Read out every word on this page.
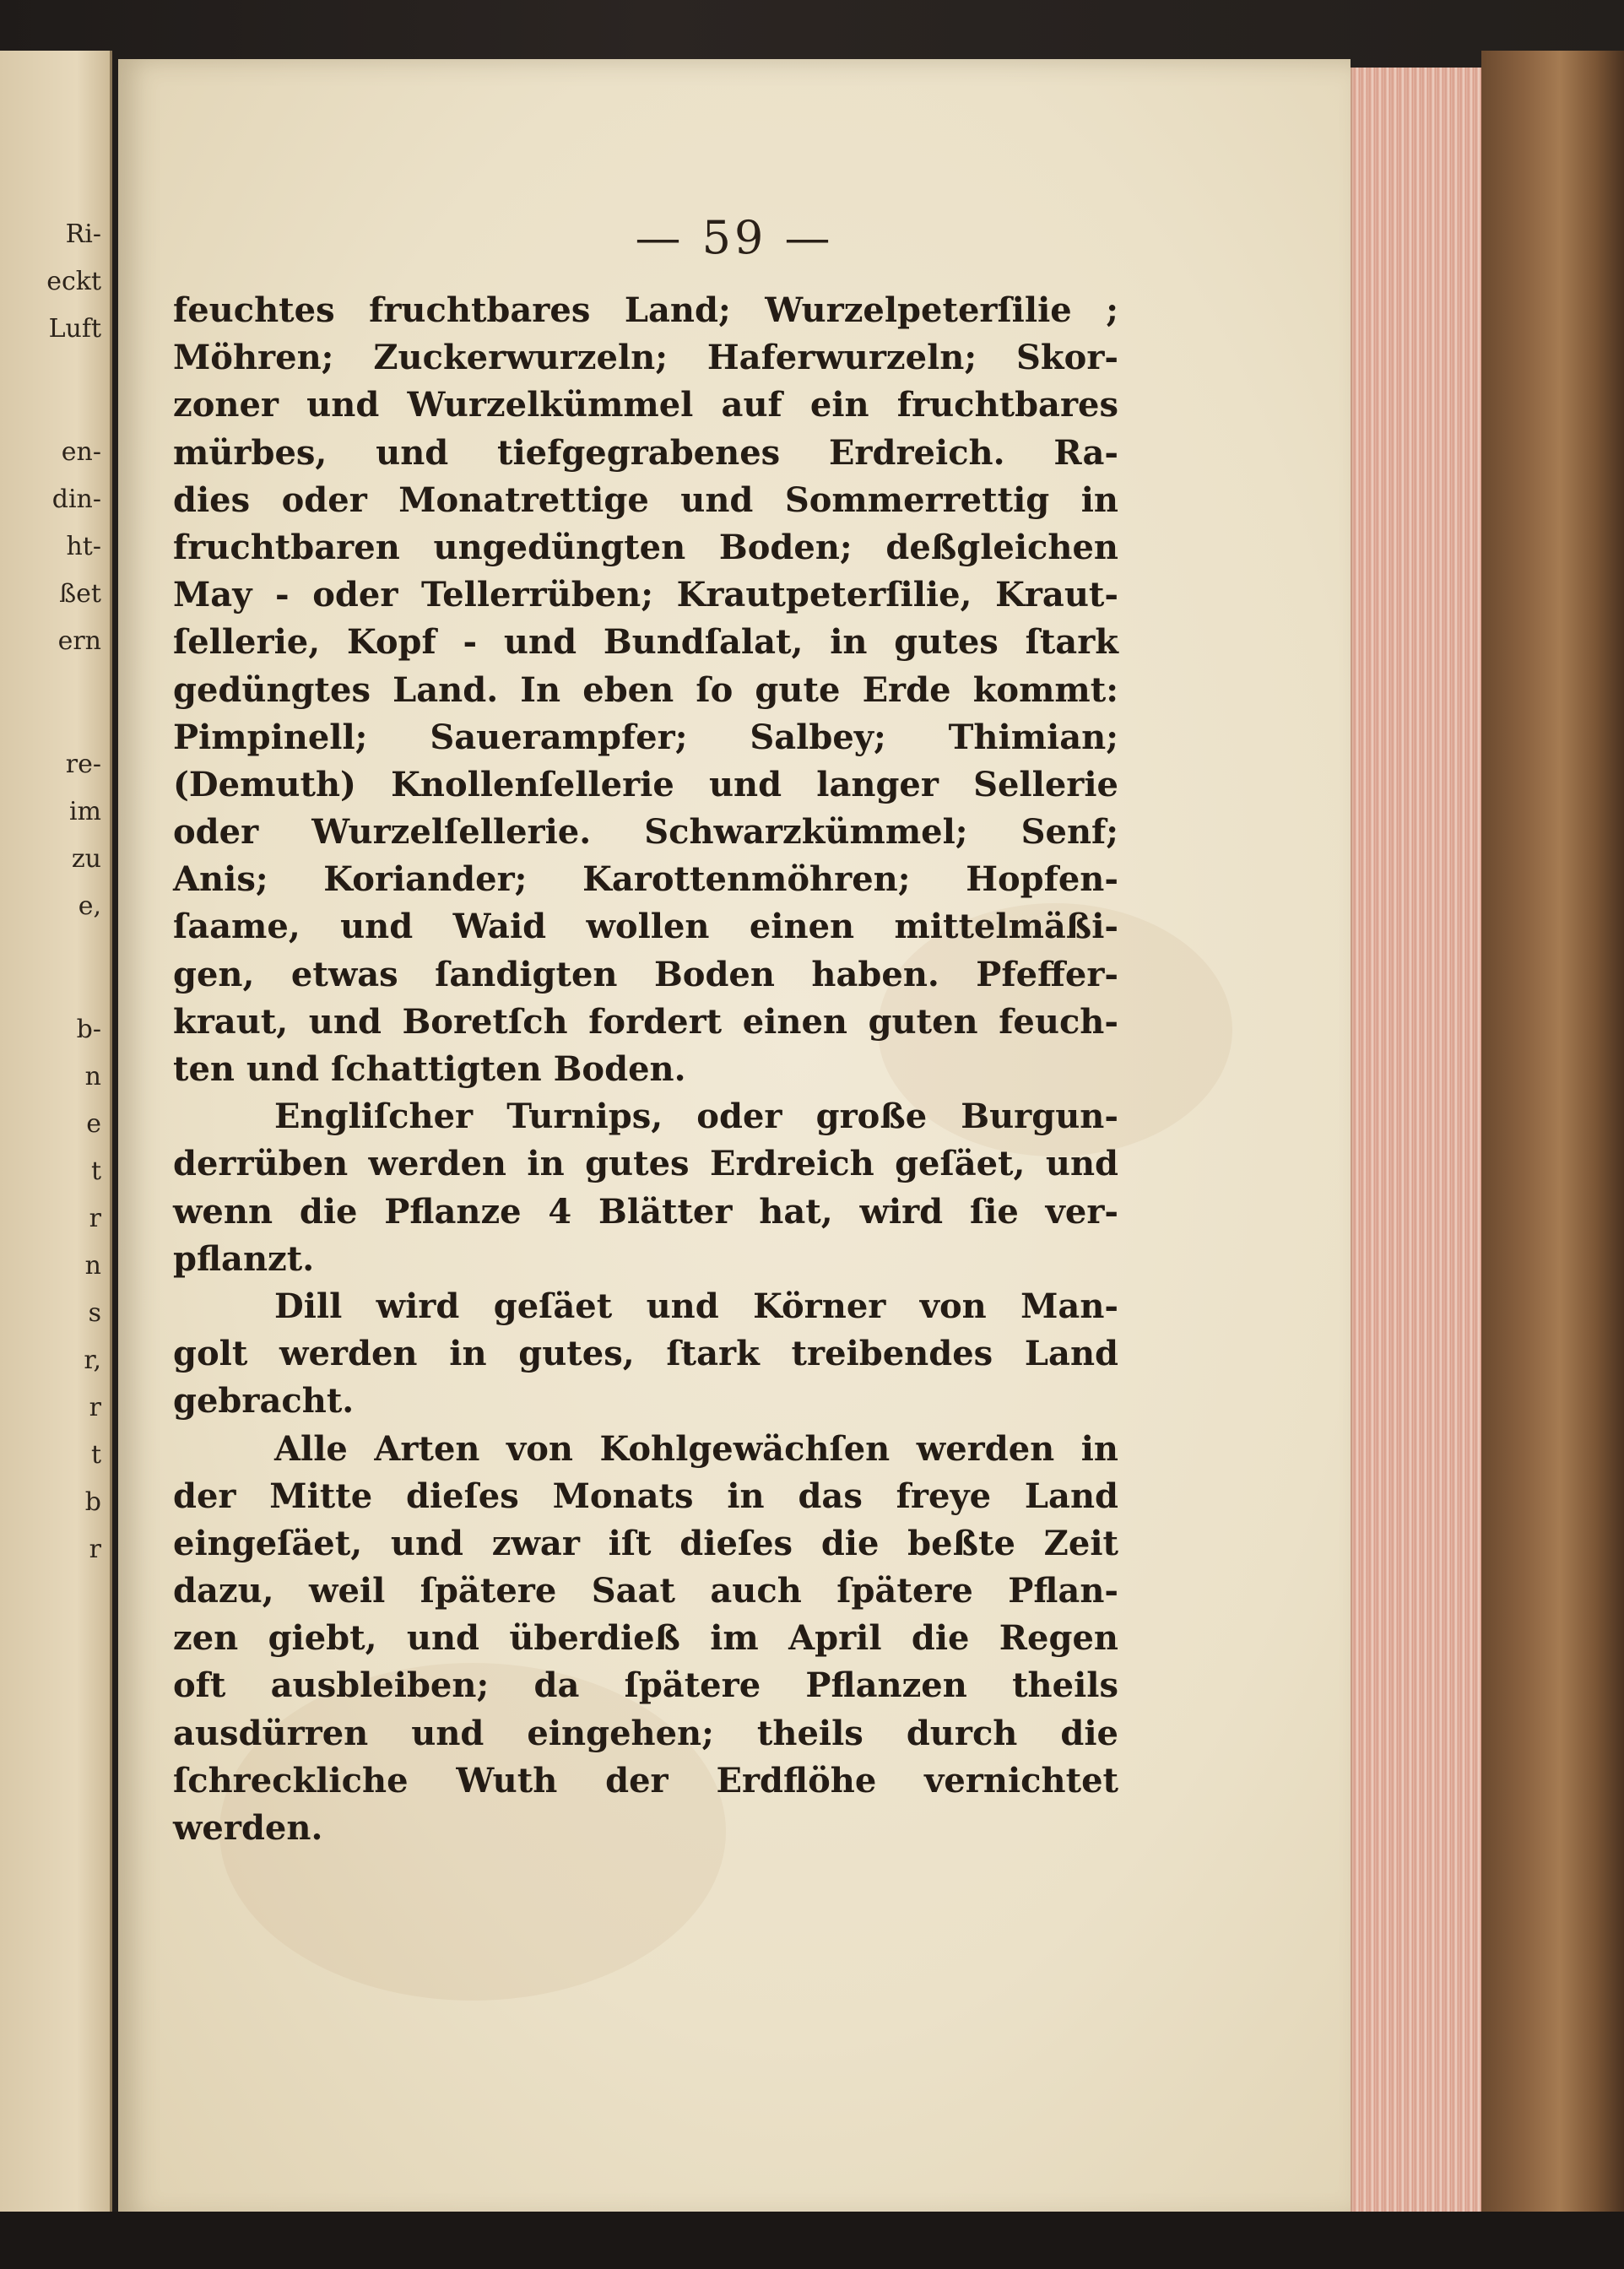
Ri-
eckt
Luft
en-
din-
ht-
ßet
ern
re-
im
zu
e,
b-
n
e
t
r
n
s
r,
r
t
b
r
— 59 —
feuchtes fruchtbares Land; Wurzelpeterſilie ;
Möhren; Zuckerwurzeln; Haferwurzeln; Skor-
zoner und Wurzelkümmel auf ein fruchtbares
mürbes, und tiefgegrabenes Erdreich. Ra-
dies oder Monatrettige und Sommerrettig in
fruchtbaren ungedüngten Boden; deßgleichen
May - oder Tellerrüben; Krautpeterſilie, Kraut-
ſellerie, Kopf - und Bundſalat, in gutes ſtark
gedüngtes Land. In eben ſo gute Erde kommt:
Pimpinell; Sauerampfer; Salbey; Thimian;
(Demuth) Knollenſellerie und langer Sellerie
oder Wurzelſellerie. Schwarzkümmel; Senf;
Anis; Koriander; Karottenmöhren; Hopfen-
ſaame, und Waid wollen einen mittelmäßi-
gen, etwas ſandigten Boden haben. Pfeffer-
kraut, und Boretſch fordert einen guten feuch-
ten und ſchattigten Boden.
Engliſcher Turnips, oder große Burgun-
derrüben werden in gutes Erdreich geſäet, und
wenn die Pflanze 4 Blätter hat, wird ſie ver-
pflanzt.
Dill wird geſäet und Körner von Man-
golt werden in gutes, ſtark treibendes Land
gebracht.
Alle Arten von Kohlgewächſen werden in
der Mitte dieſes Monats in das freye Land
eingeſäet, und zwar iſt dieſes die beßte Zeit
dazu, weil ſpätere Saat auch ſpätere Pflan-
zen giebt, und überdieß im April die Regen
oft ausbleiben; da ſpätere Pflanzen theils
ausdürren und eingehen; theils durch die
ſchreckliche Wuth der Erdflöhe vernichtet
werden.
